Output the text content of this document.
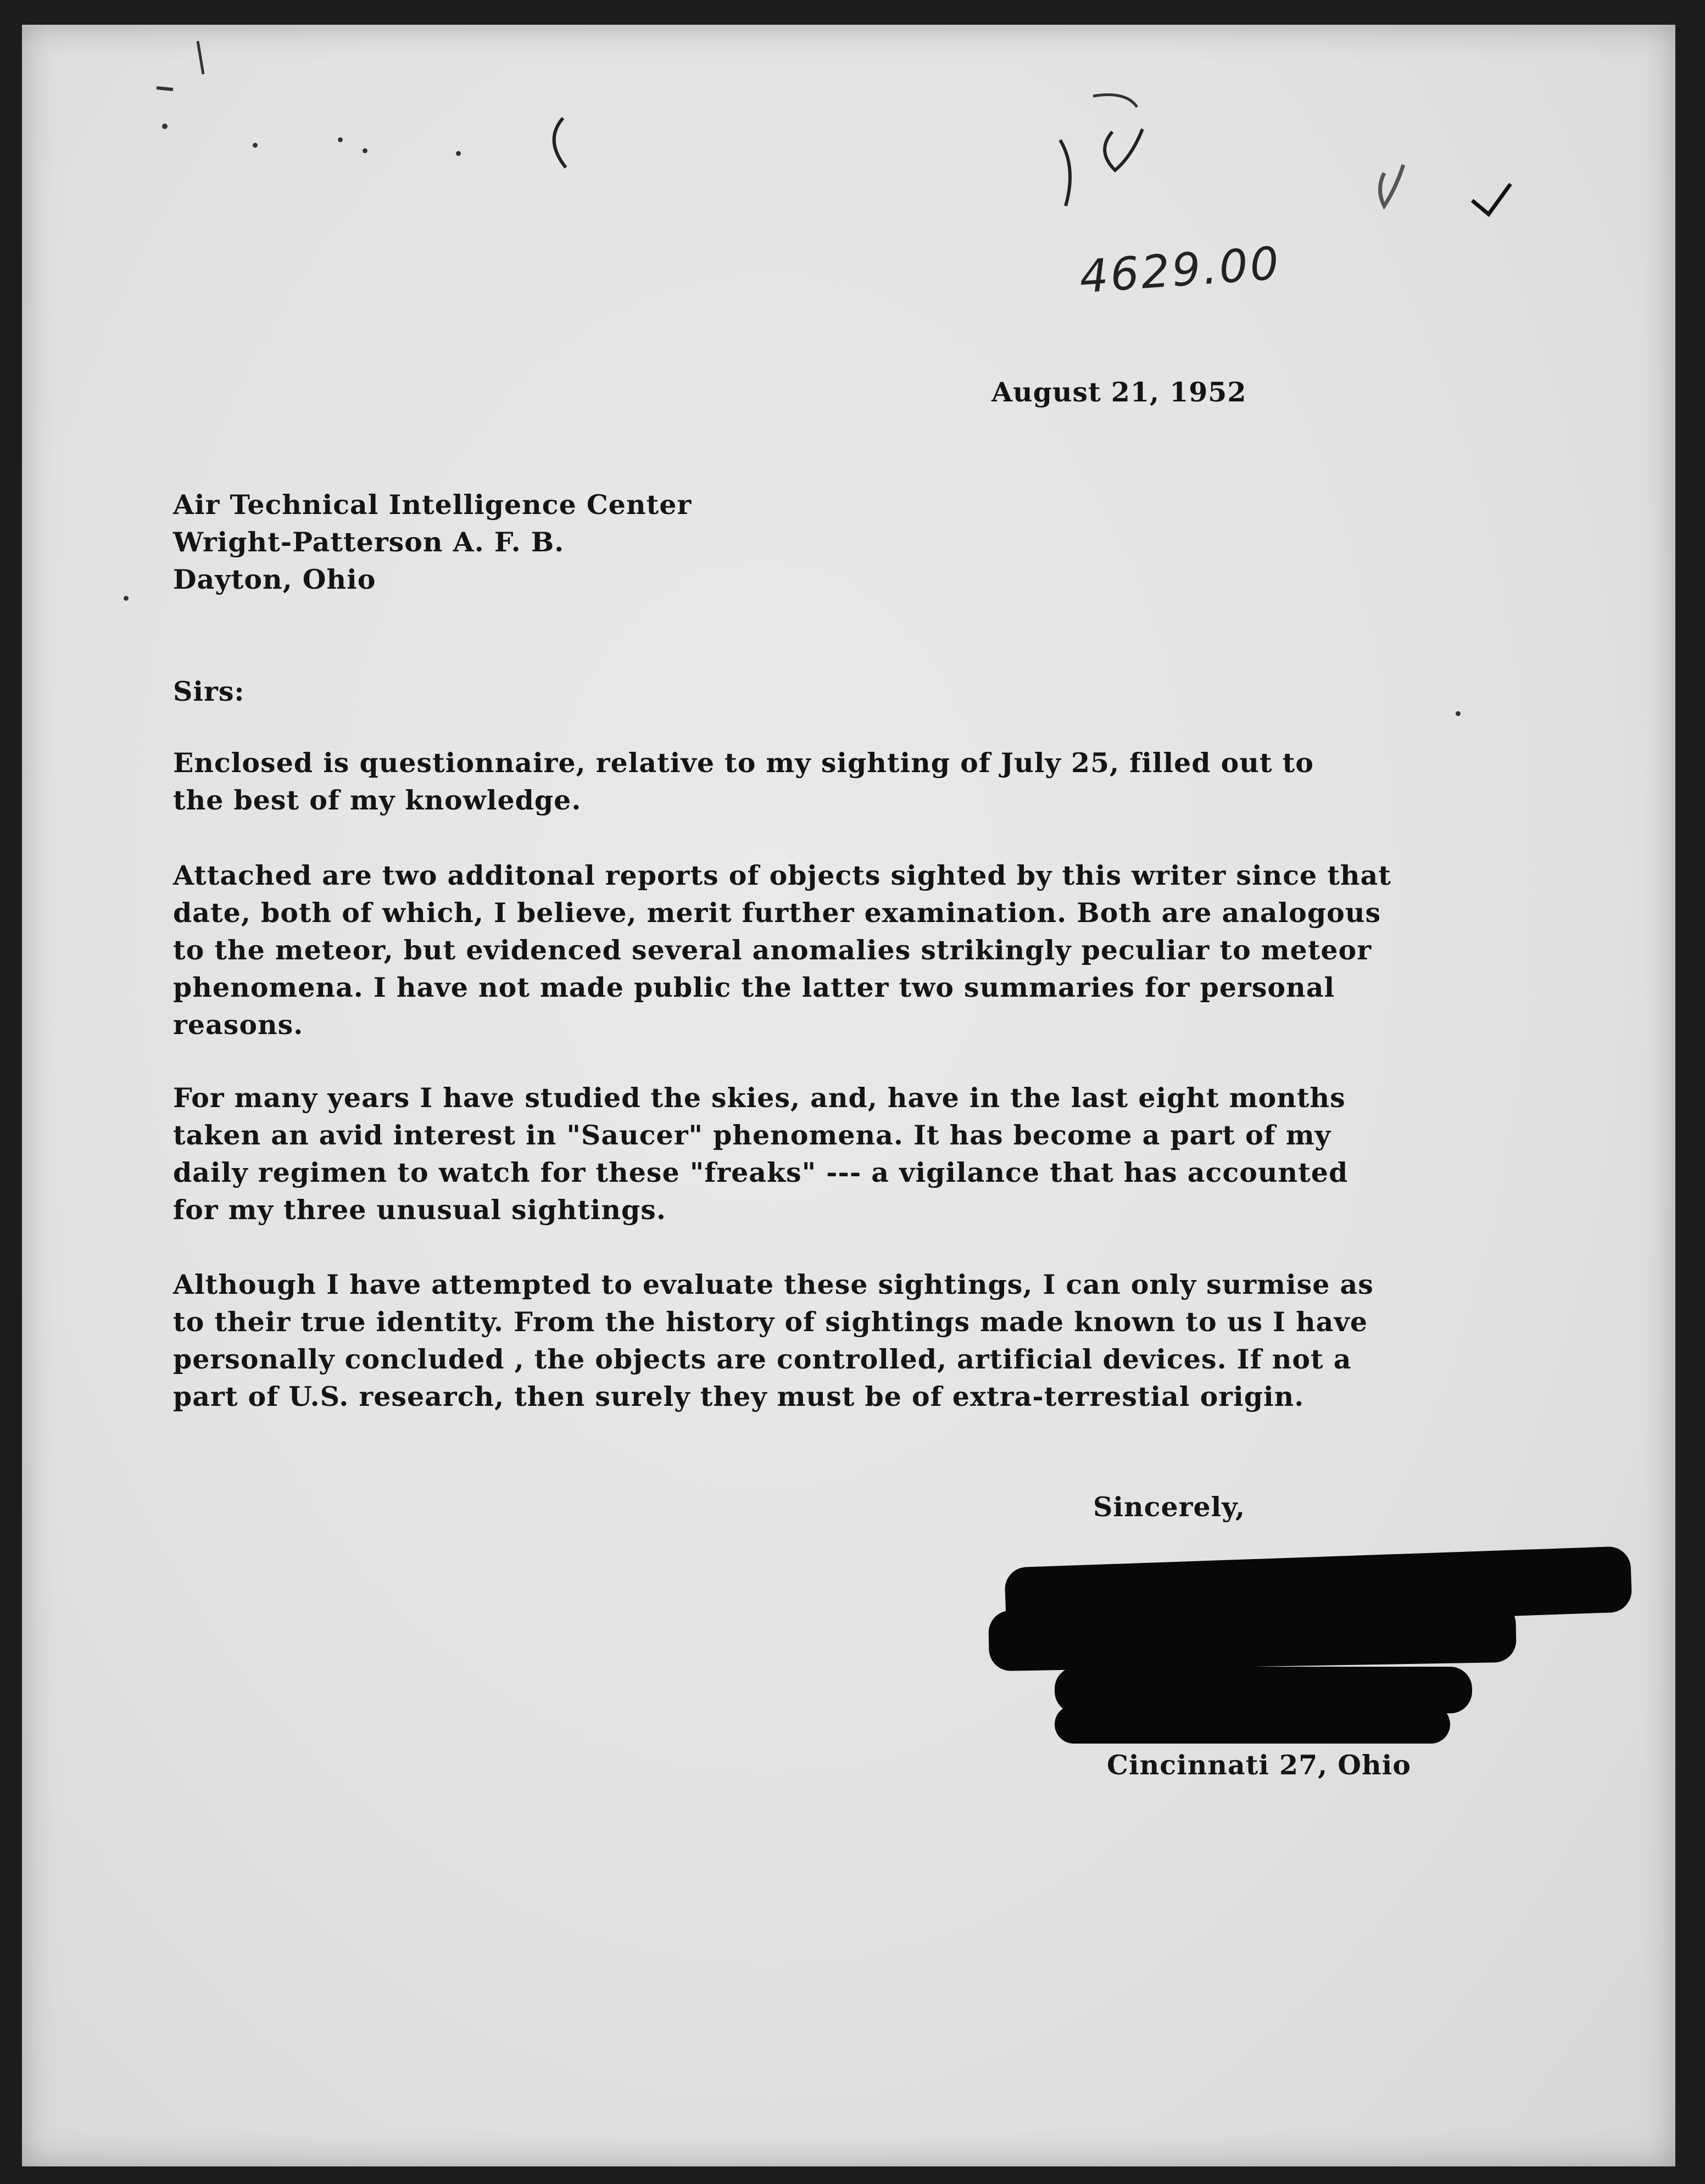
4629.00
August 21, 1952
Air Technical Intelligence Center
Wright-Patterson A. F. B.
Dayton, Ohio
Sirs:
Enclosed is questionnaire, relative to my sighting of July 25, filled out to
the best of my knowledge.
Attached are two additonal reports of objects sighted by this writer since that
date, both of which, I believe, merit further examination. Both are analogous
to the meteor, but evidenced several anomalies strikingly peculiar to meteor
phenomena. I have not made public the latter two summaries for personal
reasons.
For many years I have studied the skies, and, have in the last eight months
taken an avid interest in "Saucer" phenomena. It has become a part of my
daily regimen to watch for these "freaks" --- a vigilance that has accounted
for my three unusual sightings.
Although I have attempted to evaluate these sightings, I can only surmise as
to their true identity. From the history of sightings made known to us I have
personally concluded , the objects are controlled, artificial devices. If not a
part of U.S. research, then surely they must be of extra-terrestial origin.
Sincerely,
Cincinnati 27, Ohio
